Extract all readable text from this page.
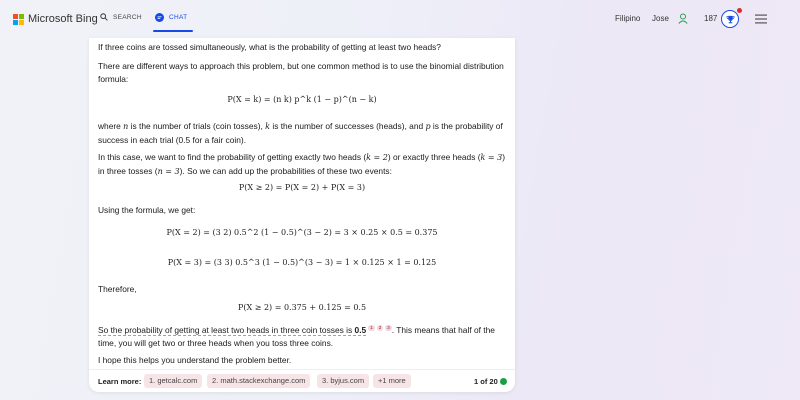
Microsoft Bing SEARCH	CHAT	Filipino Jose	187
If three coins are tossed simultaneously, what is the probability of getting at least two heads?
There are different ways to approach this problem, but one common method is to use the binomial distribution formula:
P(X = k) = (n k) p^k (1 − p)^(n − k)
where n is the number of trials (coin tosses), k is the number of successes (heads), and p is the probability of success in each trial (0.5 for a fair coin).
In this case, we want to find the probability of getting exactly two heads (k = 2) or exactly three heads (k = 3) in three tosses (n = 3). So we can add up the probabilities of these two events:
P(X ≥ 2) = P(X = 2) + P(X = 3)
Using the formula, we get:
P(X = 2) = (3 2) 0.5^2 (1 − 0.5)^(3 − 2) = 3 × 0.25 × 0.5 = 0.375
P(X = 3) = (3 3) 0.5^3 (1 − 0.5)^(3 − 3) = 1 × 0.125 × 1 = 0.125
Therefore,
P(X ≥ 2) = 0.375 + 0.125 = 0.5
So the probability of getting at least two heads in three coin tosses is 0.5 1 2 3 . This means that half of the time, you will get two or three heads when you toss three coins.
I hope this helps you understand the problem better.
Learn more:	1. getcalc.com	2. math.stackexchange.com	3. byjus.com	+1 more	1 of 20
